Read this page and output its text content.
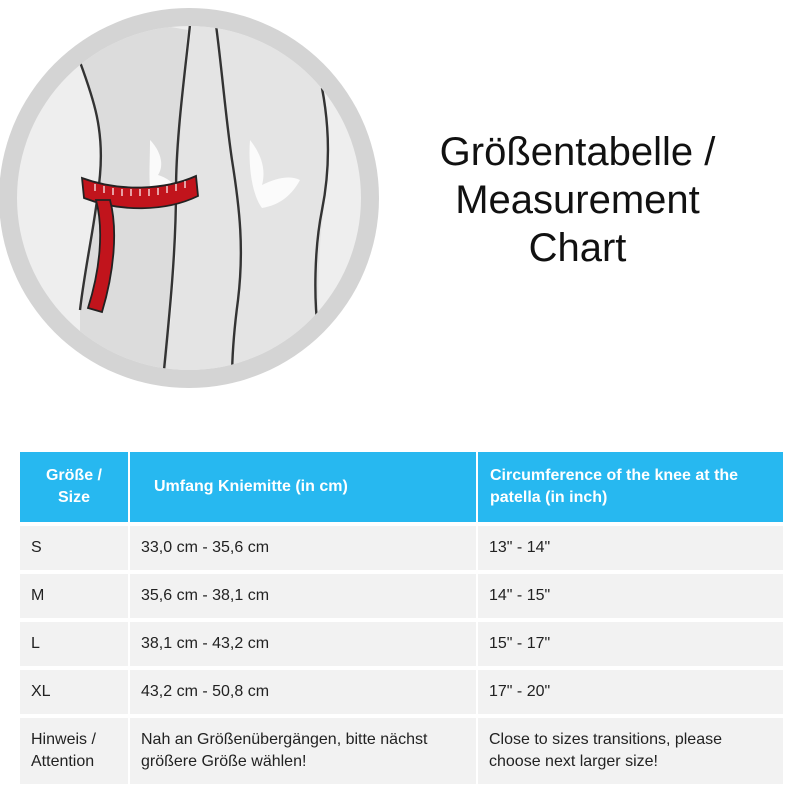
Größentabelle /
Measurement
Chart
Größe / Size	Umfang Kniemitte (in cm)	Circumference of the knee at the patella (in inch)
S	33,0 cm - 35,6 cm	13" - 14"
M	35,6 cm - 38,1 cm	14" - 15"
L	38,1 cm - 43,2 cm	15" - 17"
XL	43,2 cm - 50,8 cm	17" - 20"
Hinweis / Attention	Nah an Größenübergängen, bitte nächst größere Größe wählen!	Close to sizes transitions, please choose next larger size!
